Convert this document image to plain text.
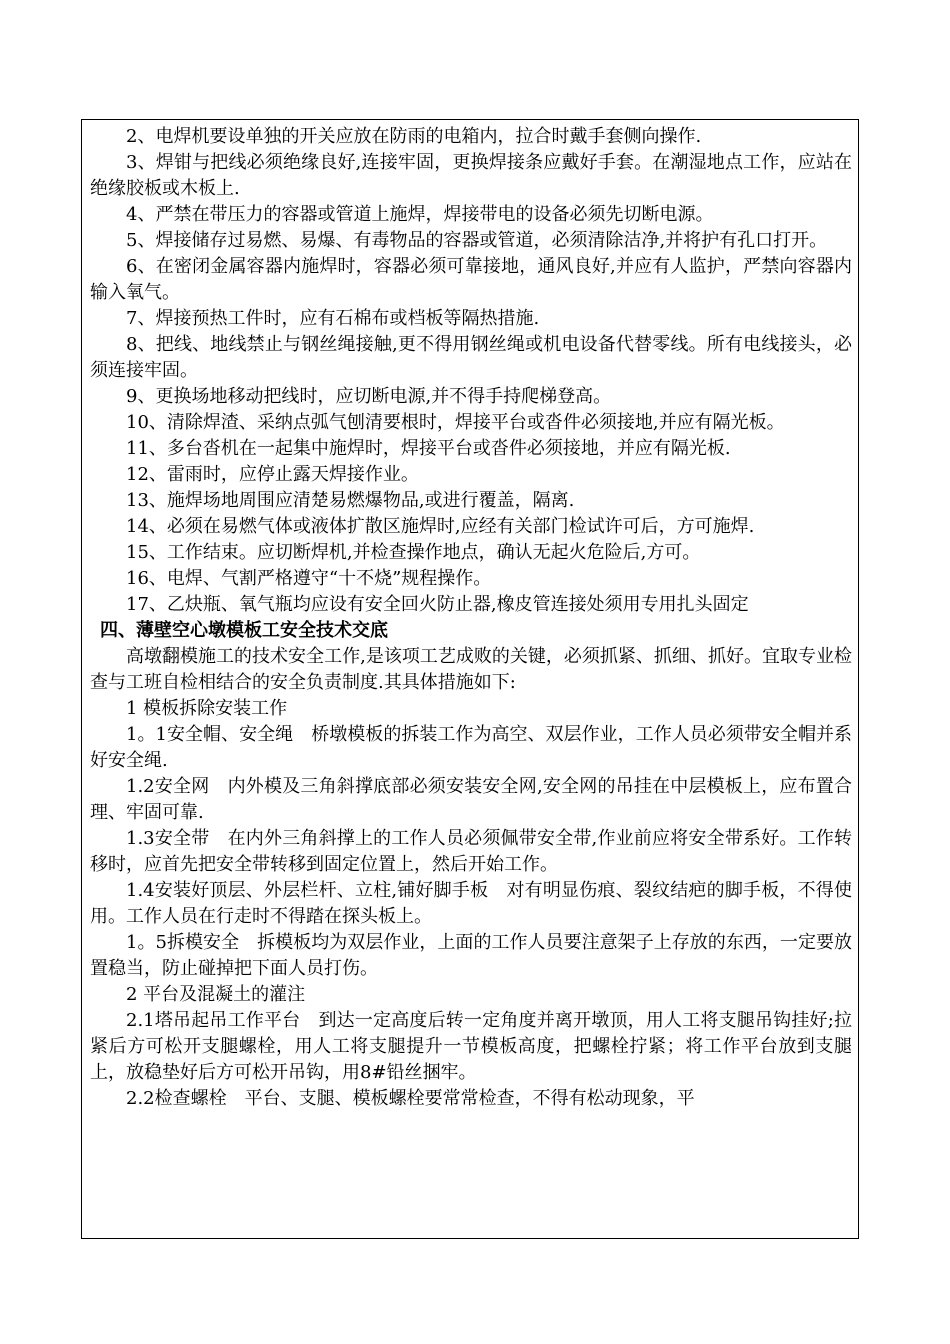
2、电焊机要设单独的开关应放在防雨的电箱内，拉合时戴手套侧向操作.

3、焊钳与把线必须绝缘良好,连接牢固，更换焊接条应戴好手套。在潮湿地点工作，应站在绝缘胶板或木板上.

4、严禁在带压力的容器或管道上施焊，焊接带电的设备必须先切断电源。

5、焊接储存过易燃、易爆、有毒物品的容器或管道，必须清除洁净,并将护有孔口打开。

6、在密闭金属容器内施焊时，容器必须可靠接地，通风良好,并应有人监护，严禁向容器内输入氧气。

7、焊接预热工件时，应有石棉布或档板等隔热措施.

8、把线、地线禁止与钢丝绳接触,更不得用钢丝绳或机电设备代替零线。所有电线接头，必须连接牢固。

9、更换场地移动把线时，应切断电源,并不得手持爬梯登高。

10、清除焊渣、采纳点弧气刨清要根时，焊接平台或沓件必须接地,并应有隔光板。

11、多台沓机在一起集中施焊时，焊接平台或沓件必须接地，并应有隔光板.

12、雷雨时，应停止露天焊接作业。

13、施焊场地周围应清楚易燃爆物品,或进行覆盖，隔离.

14、必须在易燃气体或液体扩散区施焊时,应经有关部门检试许可后，方可施焊.

15、工作结束。应切断焊机,并检查操作地点，确认无起火危险后,方可。

16、电焊、气割严格遵守“十不烧”规程操作。

17、乙炔瓶、氧气瓶均应设有安全回火防止器,橡皮管连接处须用专用扎头固定

四、薄壁空心墩模板工安全技术交底

高墩翻模施工的技术安全工作,是该项工艺成败的关键，必须抓紧、抓细、抓好。宜取专业检查与工班自检相结合的安全负责制度.其具体措施如下:

1 模板拆除安装工作

1。1安全帽、安全绳　桥墩模板的拆装工作为高空、双层作业，工作人员必须带安全帽并系好安全绳.

1.2安全网　内外模及三角斜撑底部必须安装安全网,安全网的吊挂在中层模板上，应布置合理、牢固可靠.

1.3安全带　在内外三角斜撑上的工作人员必须佩带安全带,作业前应将安全带系好。工作转移时，应首先把安全带转移到固定位置上，然后开始工作。

1.4安装好顶层、外层栏杆、立柱,铺好脚手板　对有明显伤痕、裂纹结疤的脚手板，不得使用。工作人员在行走时不得踏在探头板上。

1。5拆模安全　拆模板均为双层作业，上面的工作人员要注意架子上存放的东西，一定要放置稳当，防止碰掉把下面人员打伤。

2 平台及混凝土的灌注

2.1塔吊起吊工作平台　到达一定高度后转一定角度并离开墩顶，用人工将支腿吊钩挂好;拉紧后方可松开支腿螺栓，用人工将支腿提升一节模板高度，把螺栓拧紧；将工作平台放到支腿上，放稳垫好后方可松开吊钩，用8#铅丝捆牢。

2.2检查螺栓　平台、支腿、模板螺栓要常常检查，不得有松动现象，平
